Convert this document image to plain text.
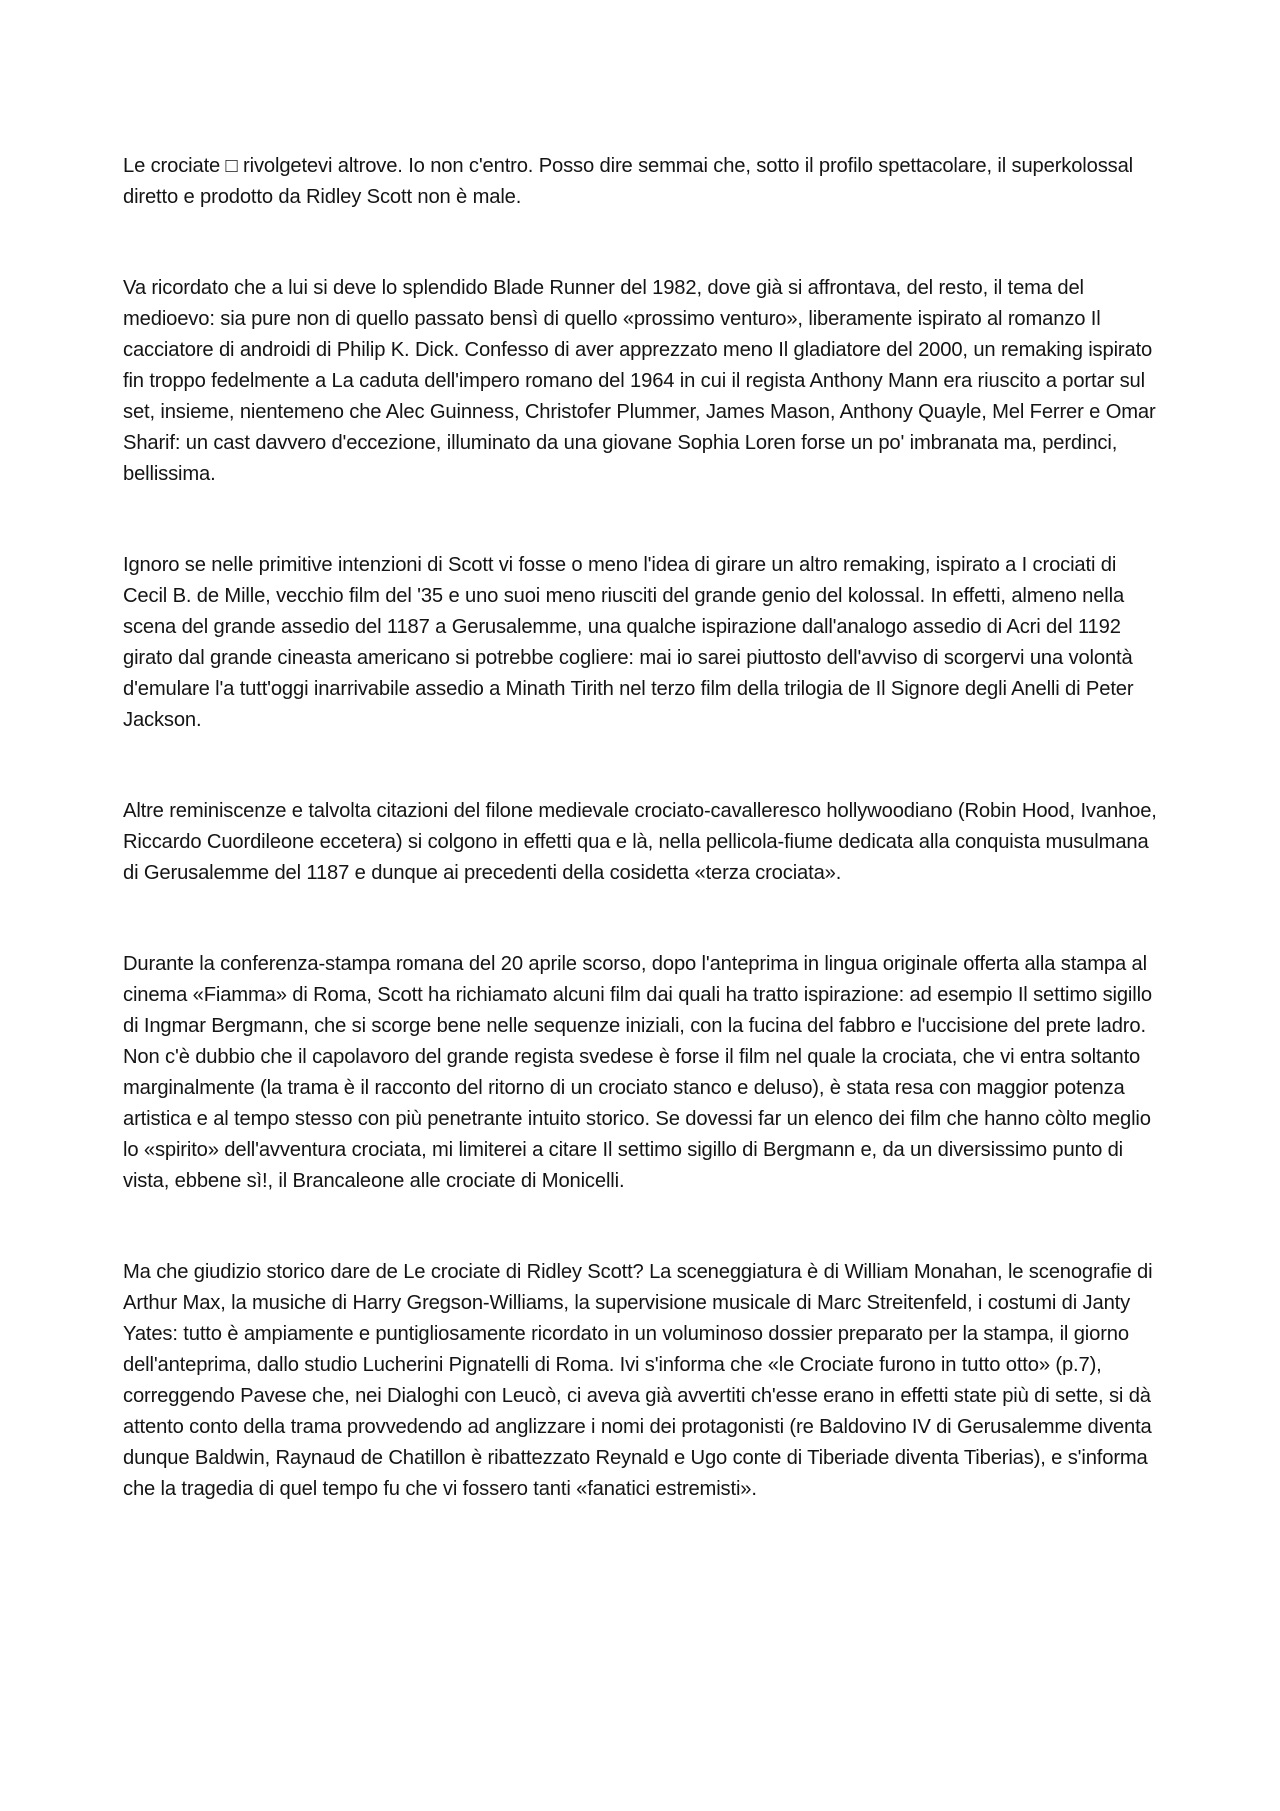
Le crociate □ rivolgetevi altrove. Io non c'entro. Posso dire semmai che, sotto il profilo spettacolare, il superkolossal diretto e prodotto da Ridley Scott non è male.

Va ricordato che a lui si deve lo splendido Blade Runner del 1982, dove già si affrontava, del resto, il tema del medioevo: sia pure non di quello passato bensì di quello «prossimo venturo», liberamente ispirato al romanzo Il cacciatore di androidi di Philip K. Dick. Confesso di aver apprezzato meno Il gladiatore del 2000, un remaking ispirato fin troppo fedelmente a La caduta dell'impero romano del 1964 in cui il regista Anthony Mann era riuscito a portar sul set, insieme, nientemeno che Alec Guinness, Christofer Plummer, James Mason, Anthony Quayle, Mel Ferrer e Omar Sharif: un cast davvero d'eccezione, illuminato da una giovane Sophia Loren forse un po' imbranata ma, perdinci, bellissima.

Ignoro se nelle primitive intenzioni di Scott vi fosse o meno l'idea di girare un altro remaking, ispirato a I crociati di Cecil B. de Mille, vecchio film del '35 e uno suoi meno riusciti del grande genio del kolossal. In effetti, almeno nella scena del grande assedio del 1187 a Gerusalemme, una qualche ispirazione dall'analogo assedio di Acri del 1192 girato dal grande cineasta americano si potrebbe cogliere: mai io sarei piuttosto dell'avviso di scorgervi una volontà d'emulare l'a tutt'oggi inarrivabile assedio a Minath Tirith nel terzo film della trilogia de Il Signore degli Anelli di Peter Jackson.

Altre reminiscenze e talvolta citazioni del filone medievale crociato-cavalleresco hollywoodiano (Robin Hood, Ivanhoe, Riccardo Cuordileone eccetera) si colgono in effetti qua e là, nella pellicola-fiume dedicata alla conquista musulmana di Gerusalemme del 1187 e dunque ai precedenti della cosidetta «terza crociata».

Durante la conferenza-stampa romana del 20 aprile scorso, dopo l'anteprima in lingua originale offerta alla stampa al cinema «Fiamma» di Roma, Scott ha richiamato alcuni film dai quali ha tratto ispirazione: ad esempio Il settimo sigillo di Ingmar Bergmann, che si scorge bene nelle sequenze iniziali, con la fucina del fabbro e l'uccisione del prete ladro. Non c'è dubbio che il capolavoro del grande regista svedese è forse il film nel quale la crociata, che vi entra soltanto marginalmente (la trama è il racconto del ritorno di un crociato stanco e deluso), è stata resa con maggior potenza artistica e al tempo stesso con più penetrante intuito storico. Se dovessi far un elenco dei film che hanno còlto meglio lo «spirito» dell'avventura crociata, mi limiterei a citare Il settimo sigillo di Bergmann e, da un diversissimo punto di vista, ebbene sì!, il Brancaleone alle crociate di Monicelli.

Ma che giudizio storico dare de Le crociate di Ridley Scott? La sceneggiatura è di William Monahan, le scenografie di Arthur Max, la musiche di Harry Gregson-Williams, la supervisione musicale di Marc Streitenfeld, i costumi di Janty Yates: tutto è ampiamente e puntigliosamente ricordato in un voluminoso dossier preparato per la stampa, il giorno dell'anteprima, dallo studio Lucherini Pignatelli di Roma. Ivi s'informa che «le Crociate furono in tutto otto» (p.7), correggendo Pavese che, nei Dialoghi con Leucò, ci aveva già avvertiti ch'esse erano in effetti state più di sette, si dà attento conto della trama provvedendo ad anglizzare i nomi dei protagonisti (re Baldovino IV di Gerusalemme diventa dunque Baldwin, Raynaud de Chatillon è ribattezzato Reynald e Ugo conte di Tiberiade diventa Tiberias), e s'informa che la tragedia di quel tempo fu che vi fossero tanti «fanatici estremisti».
